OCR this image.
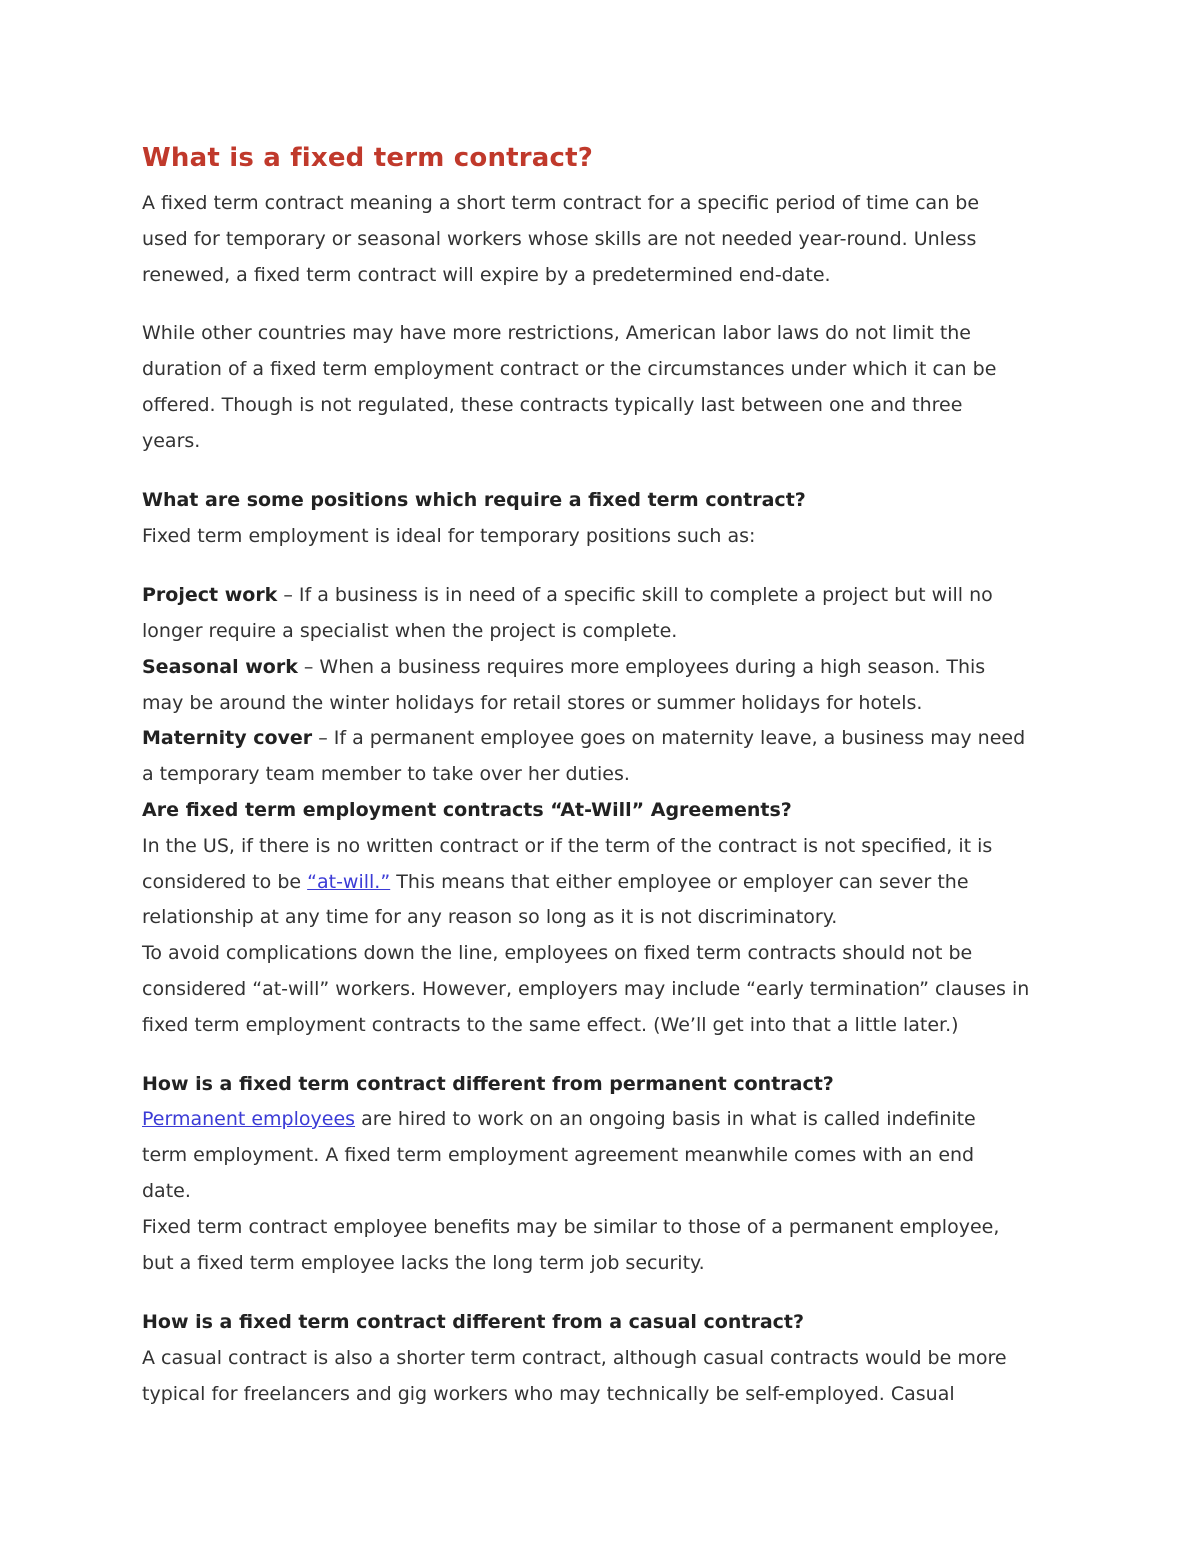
What is a fixed term contract?
A fixed term contract meaning a short term contract for a specific period of time can be
used for temporary or seasonal workers whose skills are not needed year-round. Unless
renewed, a fixed term contract will expire by a predetermined end-date.
While other countries may have more restrictions, American labor laws do not limit the
duration of a fixed term employment contract or the circumstances under which it can be
offered. Though is not regulated, these contracts typically last between one and three
years.
What are some positions which require a fixed term contract?
Fixed term employment is ideal for temporary positions such as:
Project work – If a business is in need of a specific skill to complete a project but will no
longer require a specialist when the project is complete.
Seasonal work – When a business requires more employees during a high season. This
may be around the winter holidays for retail stores or summer holidays for hotels.
Maternity cover – If a permanent employee goes on maternity leave, a business may need
a temporary team member to take over her duties.
Are fixed term employment contracts “At-Will” Agreements?
In the US, if there is no written contract or if the term of the contract is not specified, it is
considered to be “at-will.” This means that either employee or employer can sever the
relationship at any time for any reason so long as it is not discriminatory.
To avoid complications down the line, employees on fixed term contracts should not be
considered “at-will” workers. However, employers may include “early termination” clauses in
fixed term employment contracts to the same effect. (We’ll get into that a little later.)
How is a fixed term contract different from permanent contract?
Permanent employees are hired to work on an ongoing basis in what is called indefinite
term employment. A fixed term employment agreement meanwhile comes with an end
date.
Fixed term contract employee benefits may be similar to those of a permanent employee,
but a fixed term employee lacks the long term job security.
How is a fixed term contract different from a casual contract?
A casual contract is also a shorter term contract, although casual contracts would be more
typical for freelancers and gig workers who may technically be self-employed. Casual
